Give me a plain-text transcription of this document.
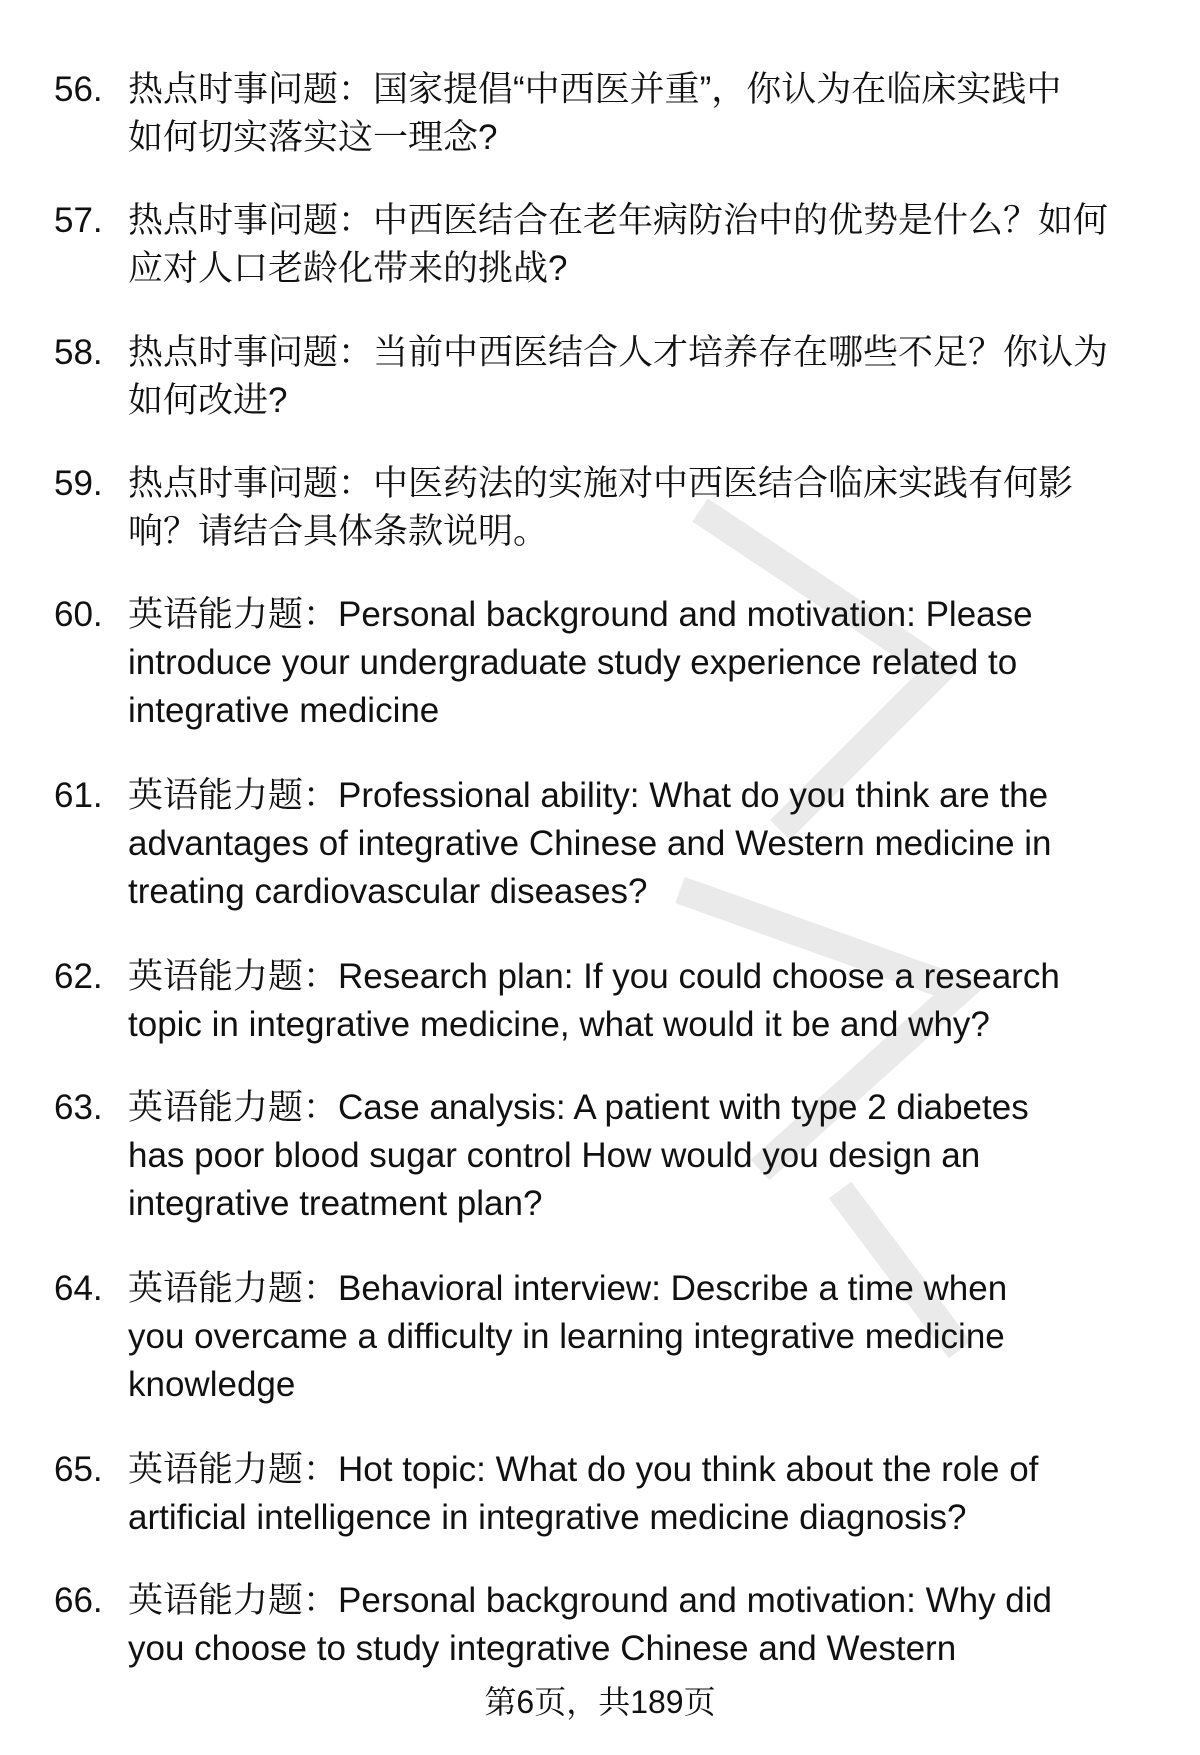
56. 热点时事问题：国家提倡“中西医并重”，你认为在临床实践中
如何切实落实这一理念?
57. 热点时事问题：中西医结合在老年病防治中的优势是什么？如何
应对人口老龄化带来的挑战?
58. 热点时事问题：当前中西医结合人才培养存在哪些不足？你认为
如何改进?
59. 热点时事问题：中医药法的实施对中西医结合临床实践有何影
响？请结合具体条款说明。
60. 英语能力题：Personal background and motivation: Please
introduce your undergraduate study experience related to
integrative medicine
61. 英语能力题：Professional ability: What do you think are the
advantages of integrative Chinese and Western medicine in
treating cardiovascular diseases?
62. 英语能力题：Research plan: If you could choose a research
topic in integrative medicine, what would it be and why?
63. 英语能力题：Case analysis: A patient with type 2 diabetes
has poor blood sugar control How would you design an
integrative treatment plan?
64. 英语能力题：Behavioral interview: Describe a time when
you overcame a difficulty in learning integrative medicine
knowledge
65. 英语能力题：Hot topic: What do you think about the role of
artificial intelligence in integrative medicine diagnosis?
66. 英语能力题：Personal background and motivation: Why did
you choose to study integrative Chinese and Western
第6页，共189页
